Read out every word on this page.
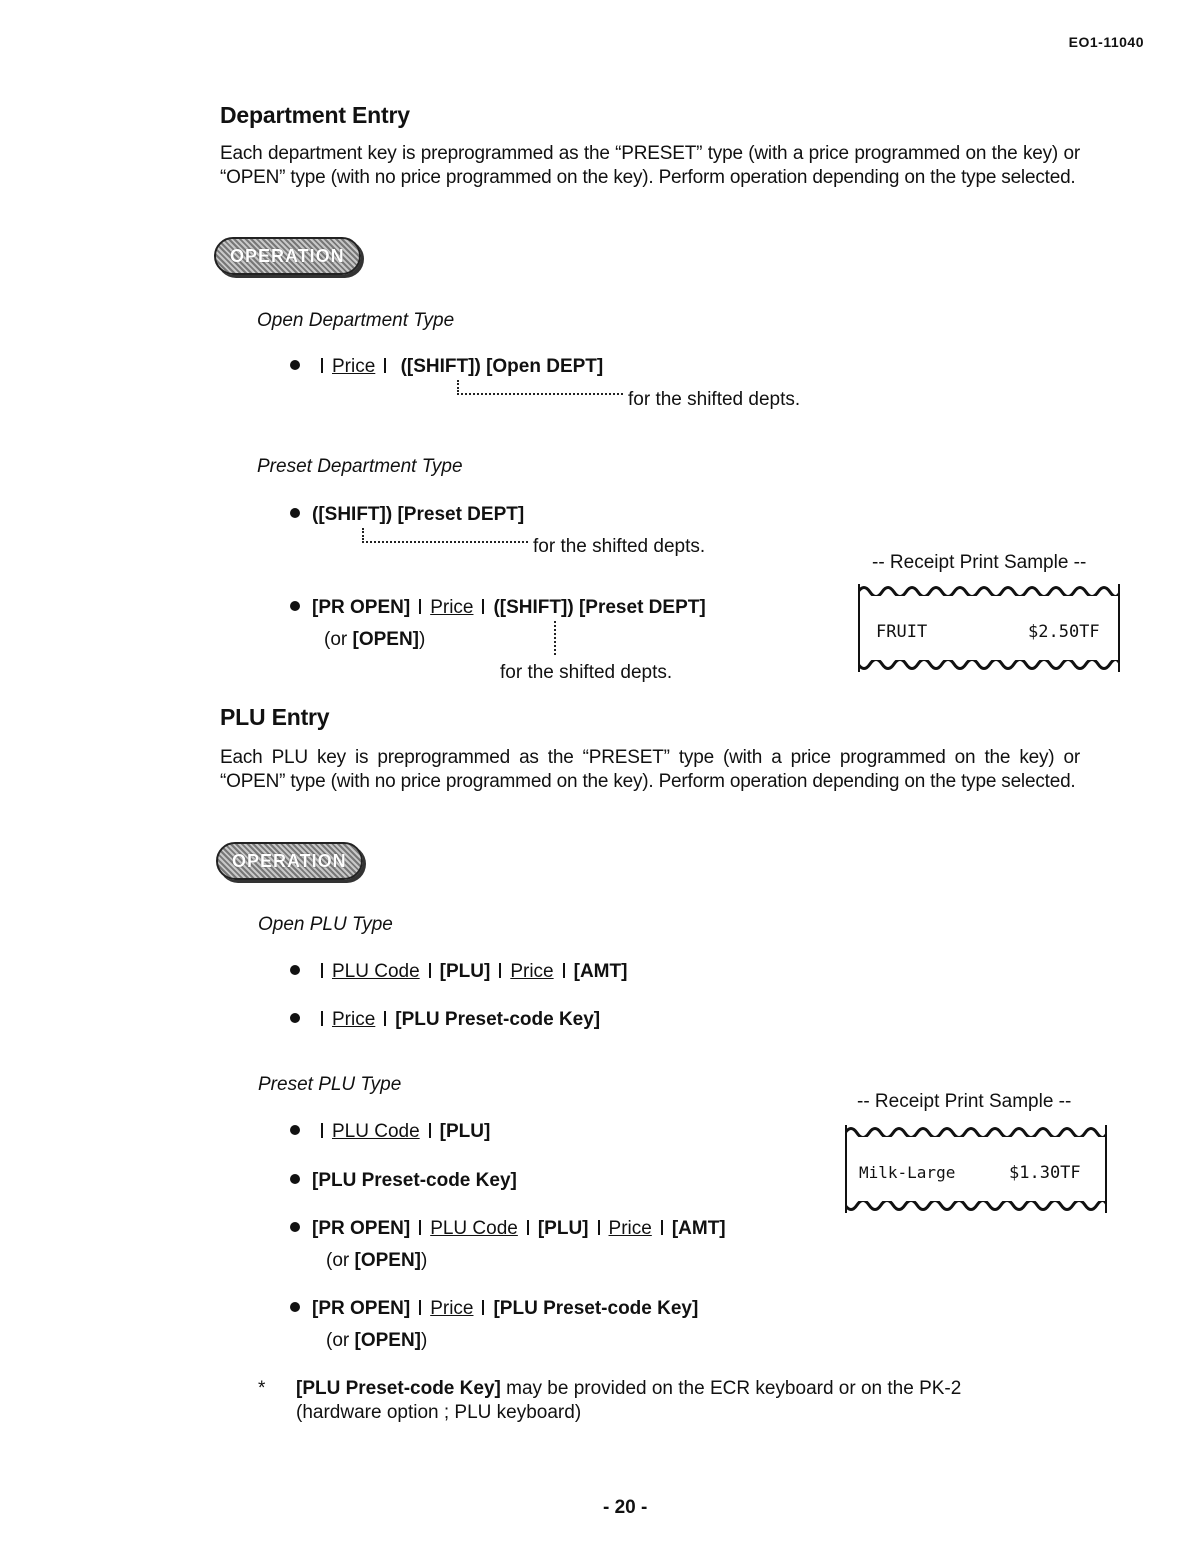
EO1-11040
Department Entry
Each department key is preprogrammed as the “PRESET” type (with a price programmed on the key) or “OPEN” type (with no price programmed on the key). Perform operation depending on the type selected.
OPERATION
Open Department Type
Price ([SHIFT]) [Open DEPT]
for the shifted depts.
Preset Department Type
([SHIFT]) [Preset DEPT]
for the shifted depts.
[PR OPEN] Price ([SHIFT]) [Preset DEPT]
(or [OPEN])
for the shifted depts.
-- Receipt Print Sample --
FRUIT	$2.50TF
PLU Entry
Each PLU key is preprogrammed as the “PRESET” type (with a price programmed on the key) or “OPEN” type (with no price programmed on the key). Perform operation depending on the type selected.
OPERATION
Open PLU Type
PLU Code [PLU] Price [AMT]
Price [PLU Preset-code Key]
Preset PLU Type
PLU Code [PLU]
[PLU Preset-code Key]
[PR OPEN] PLU Code [PLU] Price [AMT]
(or [OPEN])
[PR OPEN] Price [PLU Preset-code Key]
(or [OPEN])
-- Receipt Print Sample --
Milk-Large	$1.30TF
* [PLU Preset-code Key] may be provided on the ECR keyboard or on the PK-2
(hardware option ; PLU keyboard)
- 20 -
